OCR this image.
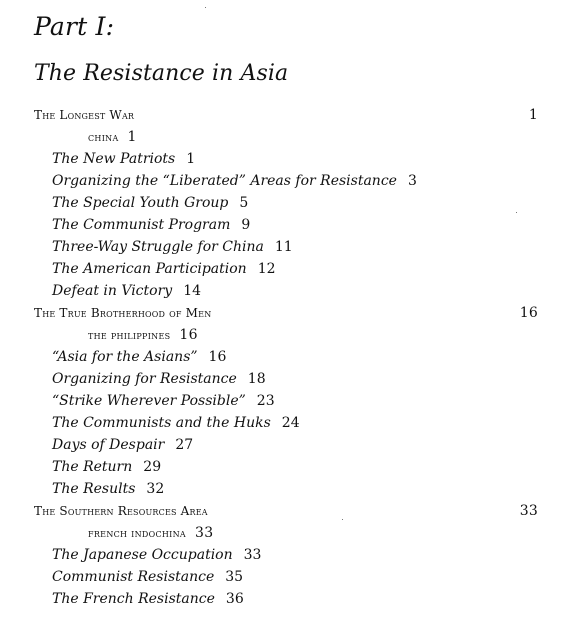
Part I:
The Resistance in Asia
The Longest War	1
china 1
The New Patriots 1
Organizing the “Liberated” Areas for Resistance 3
The Special Youth Group 5
The Communist Program 9
Three-Way Struggle for China 11
The American Participation 12
Defeat in Victory 14
The True Brotherhood of Men	16
the philippines 16
“Asia for the Asians” 16
Organizing for Resistance 18
“Strike Wherever Possible” 23
The Communists and the Huks 24
Days of Despair 27
The Return 29
The Results 32
The Southern Resources Area	33
french indochina 33
The Japanese Occupation 33
Communist Resistance 35
The French Resistance 36
